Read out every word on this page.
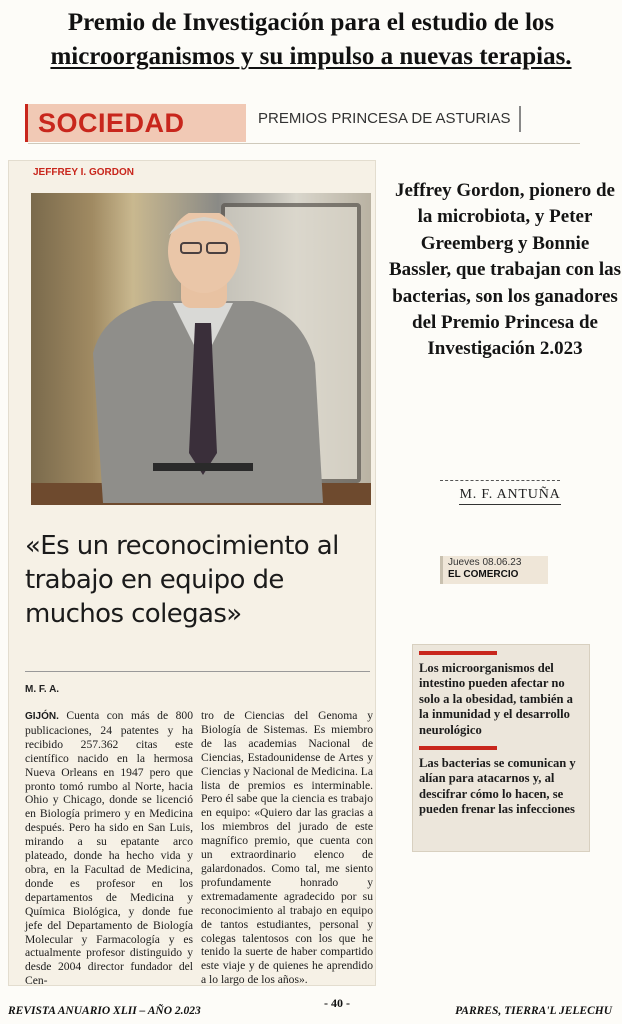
Premio de Investigación para el estudio de los
microorganismos y su impulso a nuevas terapias.
SOCIEDAD	PREMIOS PRINCESA DE ASTURIAS
JEFFREY I. GORDON
«Es un reconocimiento al trabajo en equipo de muchos colegas»
M. F. A.
GIJÓN. Cuenta con más de 800 publicaciones, 24 patentes y ha recibido 257.362 citas este científico nacido en la hermosa Nueva Orleans en 1947 pero que pronto tomó rumbo al Norte, hacia Ohio y Chicago, donde se licenció en Biología primero y en Medicina después. Pero ha sido en San Luis, mirando a su epatante arco plateado, donde ha hecho vida y obra, en la Facultad de Medicina, donde es profesor en los departamentos de Medicina y Química Biológica, y donde fue jefe del Departamento de Biología Molecular y Farmacología y es actualmente profesor distinguido y desde 2004 director fundador del Cen-
tro de Ciencias del Genoma y Biología de Sistemas. Es miembro de las academias Nacional de Ciencias, Estadounidense de Artes y Ciencias y Nacional de Medicina. La lista de premios es interminable. Pero él sabe que la ciencia es trabajo en equipo: «Quiero dar las gracias a los miembros del jurado de este magnífico premio, que cuenta con un extraordinario elenco de galardonados. Como tal, me siento profundamente honrado y extremadamente agradecido por su reconocimiento al trabajo en equipo de tantos estudiantes, personal y colegas talentosos con los que he tenido la suerte de haber compartido este viaje y de quienes he aprendido a lo largo de los años».
Jeffrey Gordon, pionero de la microbiota, y Peter Greemberg y Bonnie Bassler, que trabajan con las bacterias, son los ganadores del Premio Princesa de Investigación 2.023
M. F. ANTUÑA
Jueves 08.06.23
EL COMERCIO
Los microorganismos del intestino pueden afectar no solo a la obesidad, también a la inmunidad y el desarrollo neurológico
Las bacterias se comunican y alían para atacarnos y, al descifrar cómo lo hacen, se pueden frenar las infecciones
REVISTA ANUARIO XLII – AÑO 2.023
- 40 -
PARRES, TIERRA'L JELECHU
